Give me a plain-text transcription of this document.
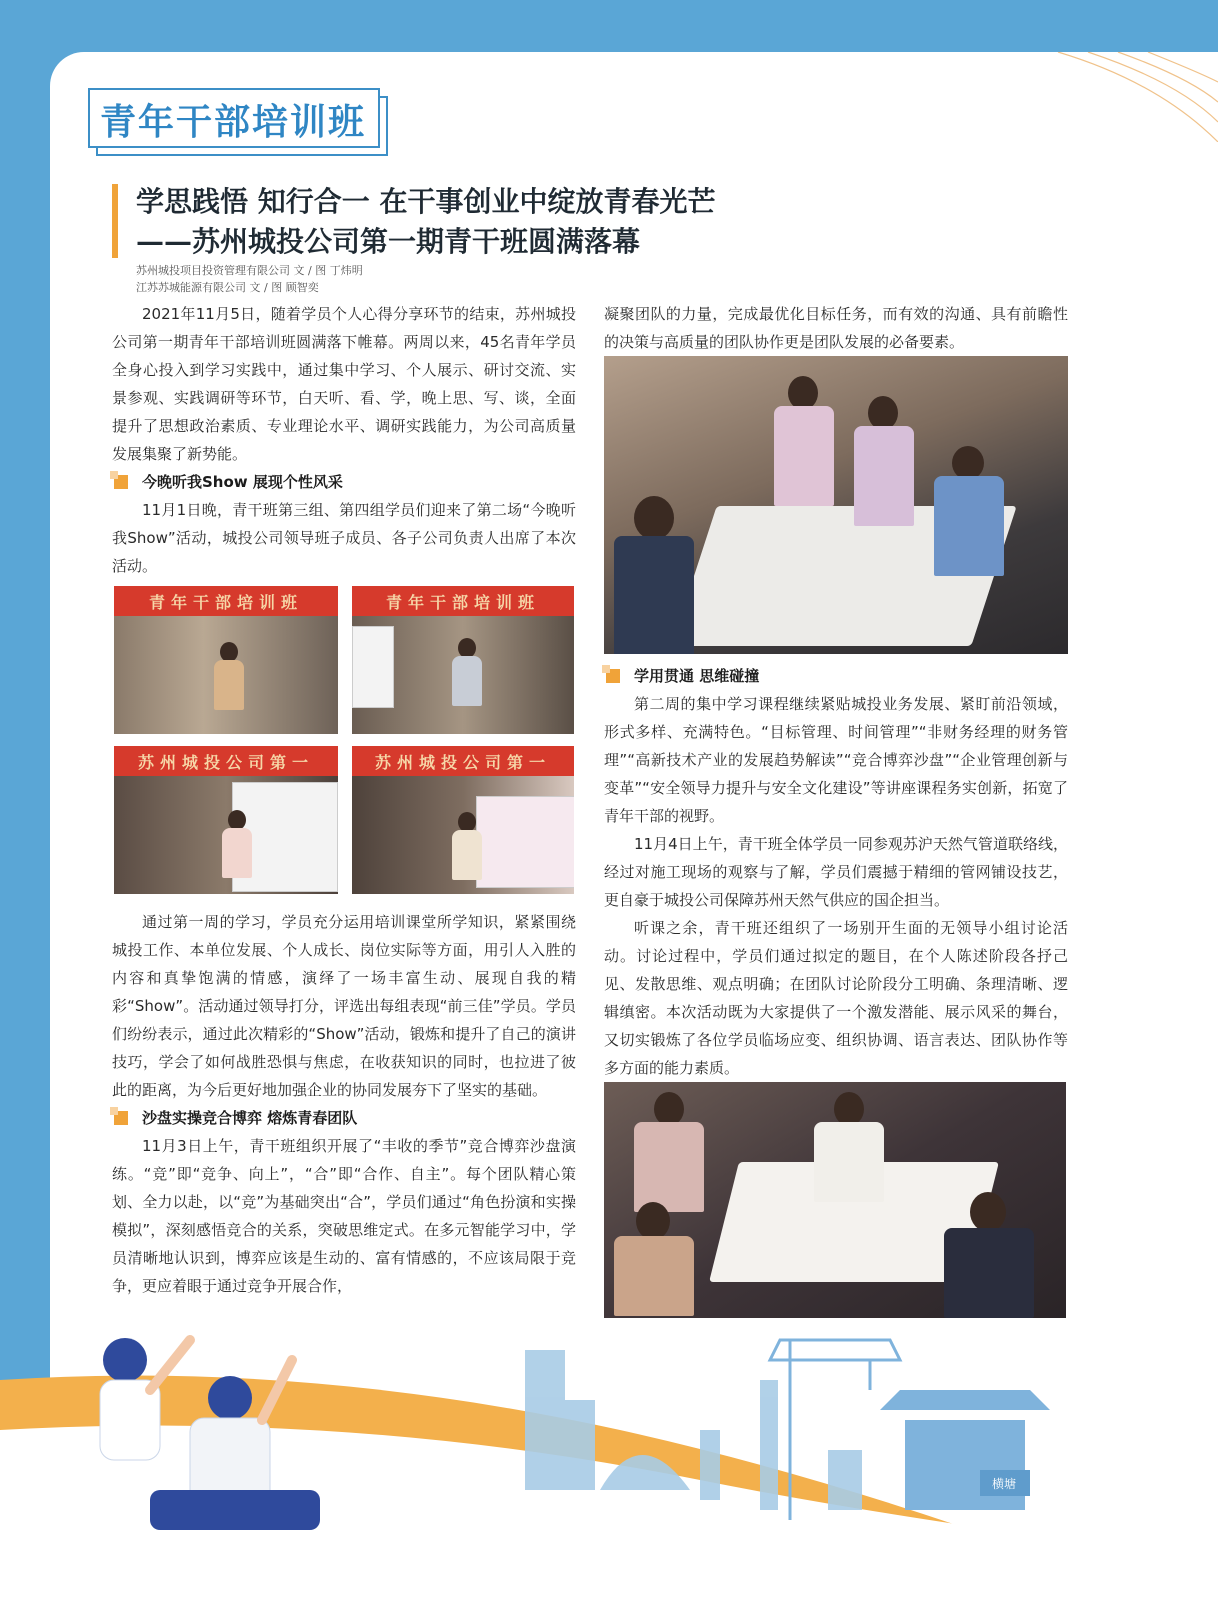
青年干部培训班
学思践悟 知行合一 在干事创业中绽放青春光芒
——苏州城投公司第一期青干班圆满落幕
苏州城投项目投资管理有限公司 文 / 图 丁炜明
江苏苏城能源有限公司 文 / 图 顾智奕

2021年11月5日，随着学员个人心得分享环节的结束，苏州城投公司第一期青年干部培训班圆满落下帷幕。两周以来，45名青年学员全身心投入到学习实践中，通过集中学习、个人展示、研讨交流、实景参观、实践调研等环节，白天听、看、学，晚上思、写、谈，全面提升了思想政治素质、专业理论水平、调研实践能力，为公司高质量发展集聚了新势能。

今晚听我Show 展现个性风采

11月1日晚，青干班第三组、第四组学员们迎来了第二场“今晚听我Show”活动，城投公司领导班子成员、各子公司负责人出席了本次活动。

青年干部培训班	青年干部培训班
苏州城投公司第一	苏州城投公司第一

通过第一周的学习，学员充分运用培训课堂所学知识，紧紧围绕城投工作、本单位发展、个人成长、岗位实际等方面，用引人入胜的内容和真挚饱满的情感，演绎了一场丰富生动、展现自我的精彩“Show”。活动通过领导打分，评选出每组表现“前三佳”学员。学员们纷纷表示，通过此次精彩的“Show”活动，锻炼和提升了自己的演讲技巧，学会了如何战胜恐惧与焦虑，在收获知识的同时，也拉进了彼此的距离，为今后更好地加强企业的协同发展夯下了坚实的基础。

沙盘实操竞合博弈 熔炼青春团队

11月3日上午，青干班组织开展了“丰收的季节”竞合博弈沙盘演练。“竞”即“竞争、向上”，“合”即“合作、自主”。每个团队精心策划、全力以赴，以“竞”为基础突出“合”，学员们通过“角色扮演和实操模拟”，深刻感悟竞合的关系，突破思维定式。在多元智能学习中，学员清晰地认识到，博弈应该是生动的、富有情感的，不应该局限于竞争，更应着眼于通过竞争开展合作，

凝聚团队的力量，完成最优化目标任务，而有效的沟通、具有前瞻性的决策与高质量的团队协作更是团队发展的必备要素。

学用贯通 思维碰撞

第二周的集中学习课程继续紧贴城投业务发展、紧盯前沿领域，形式多样、充满特色。“目标管理、时间管理”“非财务经理的财务管理”“高新技术产业的发展趋势解读”“竞合博弈沙盘”“企业管理创新与变革”“安全领导力提升与安全文化建设”等讲座课程务实创新，拓宽了青年干部的视野。

11月4日上午，青干班全体学员一同参观苏沪天然气管道联络线，经过对施工现场的观察与了解，学员们震撼于精细的管网铺设技艺，更自豪于城投公司保障苏州天然气供应的国企担当。

听课之余，青干班还组织了一场别开生面的无领导小组讨论活动。讨论过程中，学员们通过拟定的题目，在个人陈述阶段各抒己见、发散思维、观点明确；在团队讨论阶段分工明确、条理清晰、逻辑缜密。本次活动既为大家提供了一个激发潜能、展示风采的舞台，又切实锻炼了各位学员临场应变、组织协调、语言表达、团队协作等多方面的能力素质。

横塘
